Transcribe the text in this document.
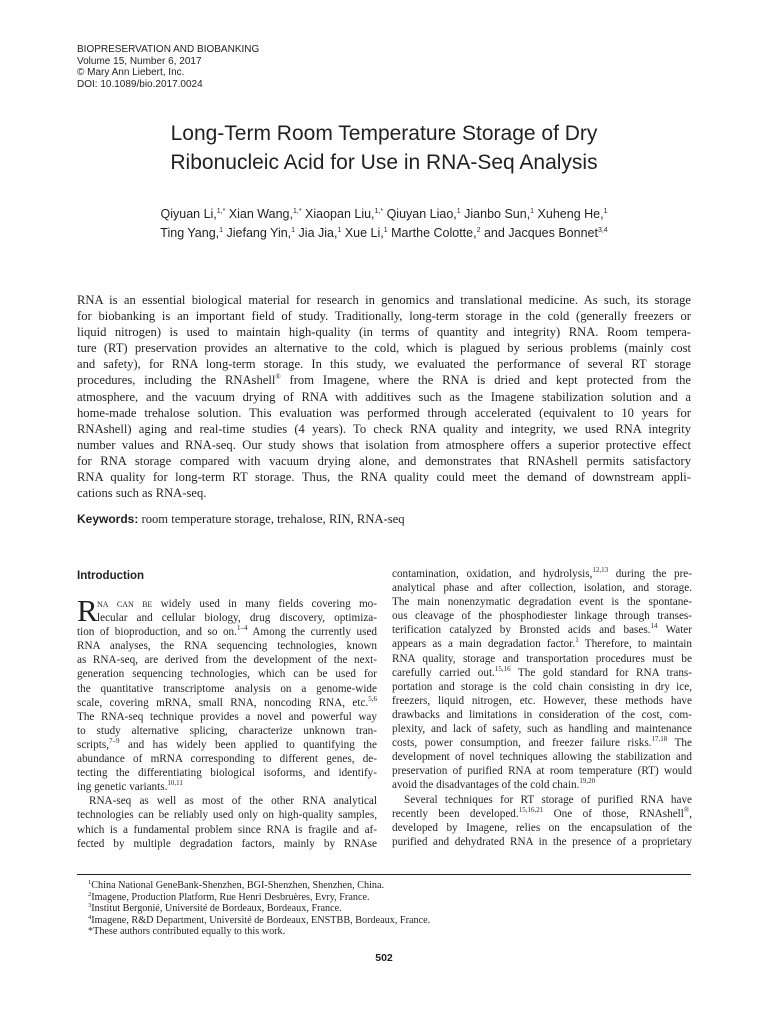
BIOPRESERVATION AND BIOBANKING
Volume 15, Number 6, 2017
© Mary Ann Liebert, Inc.
DOI: 10.1089/bio.2017.0024
Long-Term Room Temperature Storage of Dry
Ribonucleic Acid for Use in RNA-Seq Analysis
Qiyuan Li,$^{1,*}$ Xian Wang,$^{1,*}$ Xiaopan Liu,$^{1,*}$ Qiuyan Liao,$^1$ Jianbo Sun,$^1$ Xuheng He,$^1$
Ting Yang,$^1$ Jiefang Yin,$^1$ Jia Jia,$^1$ Xue Li,$^1$ Marthe Colotte,$^2$ and Jacques Bonnet$^{3,4}$
RNA is an essential biological material for research in genomics and translational medicine. As such, its storage
for biobanking is an important field of study. Traditionally, long-term storage in the cold (generally freezers or
liquid nitrogen) is used to maintain high-quality (in terms of quantity and integrity) RNA. Room tempera-
ture (RT) preservation provides an alternative to the cold, which is plagued by serious problems (mainly cost
and safety), for RNA long-term storage. In this study, we evaluated the performance of several RT storage
procedures, including the RNAshell® from Imagene, where the RNA is dried and kept protected from the
atmosphere, and the vacuum drying of RNA with additives such as the Imagene stabilization solution and a
home-made trehalose solution. This evaluation was performed through accelerated (equivalent to 10 years for
RNAshell) aging and real-time studies (4 years). To check RNA quality and integrity, we used RNA integrity
number values and RNA-seq. Our study shows that isolation from atmosphere offers a superior protective effect
for RNA storage compared with vacuum drying alone, and demonstrates that RNAshell permits satisfactory
RNA quality for long-term RT storage. Thus, the RNA quality could meet the demand of downstream appli-
cations such as RNA-seq.
Keywords: room temperature storage, trehalose, RIN, RNA-seq
Introduction
R na can be widely used in many fields covering mo-
lecular and cellular biology, drug discovery, optimiza-
tion of bioproduction, and so on.$^{1-4}$ Among the currently used
RNA analyses, the RNA sequencing technologies, known
as RNA-seq, are derived from the development of the next-
generation sequencing technologies, which can be used for
the quantitative transcriptome analysis on a genome-wide
scale, covering mRNA, small RNA, noncoding RNA, etc.$^{5,6}$
The RNA-seq technique provides a novel and powerful way
to study alternative splicing, characterize unknown tran-
scripts,$^{7-9}$ and has widely been applied to quantifying the
abundance of mRNA corresponding to different genes, de-
tecting the differentiating biological isoforms, and identify-
ing genetic variants.$^{10,11}$
RNA-seq as well as most of the other RNA analytical
technologies can be reliably used only on high-quality samples,
which is a fundamental problem since RNA is fragile and af-
fected by multiple degradation factors, mainly by RNAse
contamination, oxidation, and hydrolysis,$^{12,13}$ during the pre-
analytical phase and after collection, isolation, and storage.
The main nonenzymatic degradation event is the spontane-
ous cleavage of the phosphodiester linkage through transes-
terification catalyzed by Bronsted acids and bases.$^{14}$ Water
appears as a main degradation factor.$^1$ Therefore, to maintain
RNA quality, storage and transportation procedures must be
carefully carried out.$^{15,16}$ The gold standard for RNA trans-
portation and storage is the cold chain consisting in dry ice,
freezers, liquid nitrogen, etc. However, these methods have
drawbacks and limitations in consideration of the cost, com-
plexity, and lack of safety, such as handling and maintenance
costs, power consumption, and freezer failure risks.$^{17,18}$ The
development of novel techniques allowing the stabilization and
preservation of purified RNA at room temperature (RT) would
avoid the disadvantages of the cold chain.$^{19,20}$
Several techniques for RT storage of purified RNA have
recently been developed.$^{15,16,21}$ One of those, RNAshell®,
developed by Imagene, relies on the encapsulation of the
purified and dehydrated RNA in the presence of a proprietary
$^1$China National GeneBank-Shenzhen, BGI-Shenzhen, Shenzhen, China.
$^2$Imagene, Production Platform, Rue Henri Desbruères, Evry, France.
$^3$Institut Bergonié, Université de Bordeaux, Bordeaux, France.
$^4$Imagene, R&D Department, Université de Bordeaux, ENSTBB, Bordeaux, France.
*These authors contributed equally to this work.
502
